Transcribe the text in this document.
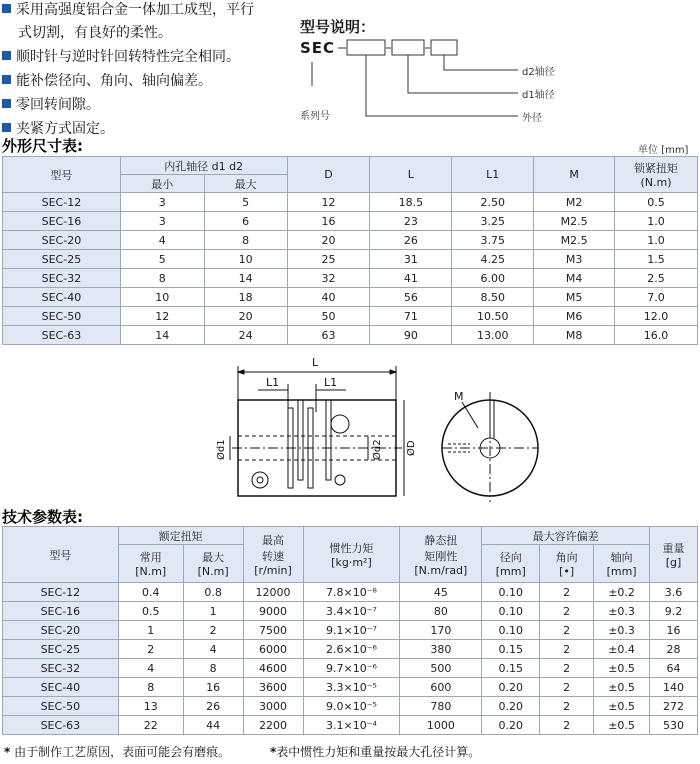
采用高强度铝合金一体加工成型，平行
式切割，有良好的柔性。
顺时针与逆时针回转特性完全相同。
能补偿径向、角向、轴向偏差。
零回转间隙。
夹紧方式固定。
型号说明：
SEC
d2轴径
d1轴径
外径
系列号
外形尺寸表:	单位 [mm]
型号	内孔轴径 d1 d2		D	L	L1	M	锁紧扭矩
(N.m)
	最小	最大					
SEC-12	3	5	12	18.5	2.50	M2	0.5
SEC-16	3	6	16	23	3.25	M2.5	1.0
SEC-20	4	8	20	26	3.75	M2.5	1.0
SEC-25	5	10	25	31	4.25	M3	1.5
SEC-32	8	14	32	41	6.00	M4	2.5
SEC-40	10	18	40	56	8.50	M5	7.0
SEC-50	12	20	50	71	10.50	M6	12.0
SEC-63	14	24	63	90	13.00	M8	16.0
L
L1	L1
Ød1	Ød2 ØD
M
技术参数表:
型号	额定扭矩		最高
转速
[r/min]	惯性力矩
[kg·m²]	静态扭
矩刚性
[N.m/rad]	最大容许偏差			重量
[g]
	常用
[N.m]	最大
[N.m]				径向
[mm]	角向
[•]	轴向
[mm]	
SEC-12	0.4	0.8	12000	7.8×10⁻⁸	45	0.10	2	±0.2	3.6
SEC-16	0.5	1	9000	3.4×10⁻⁷	80	0.10	2	±0.3	9.2
SEC-20	1	2	7500	9.1×10⁻⁷	170	0.10	2	±0.3	16
SEC-25	2	4	6000	2.6×10⁻⁶	380	0.15	2	±0.4	28
SEC-32	4	8	4600	9.7×10⁻⁶	500	0.15	2	±0.5	64
SEC-40	8	16	3600	3.3×10⁻⁵	600	0.20	2	±0.5	140
SEC-50	13	26	3000	9.0×10⁻⁵	780	0.20	2	±0.5	272
SEC-63	22	44	2200	3.1×10⁻⁴	1000	0.20	2	±0.5	530
* 由于制作工艺原因，表面可能会有磨痕。	*表中惯性力矩和重量按最大孔径计算。
